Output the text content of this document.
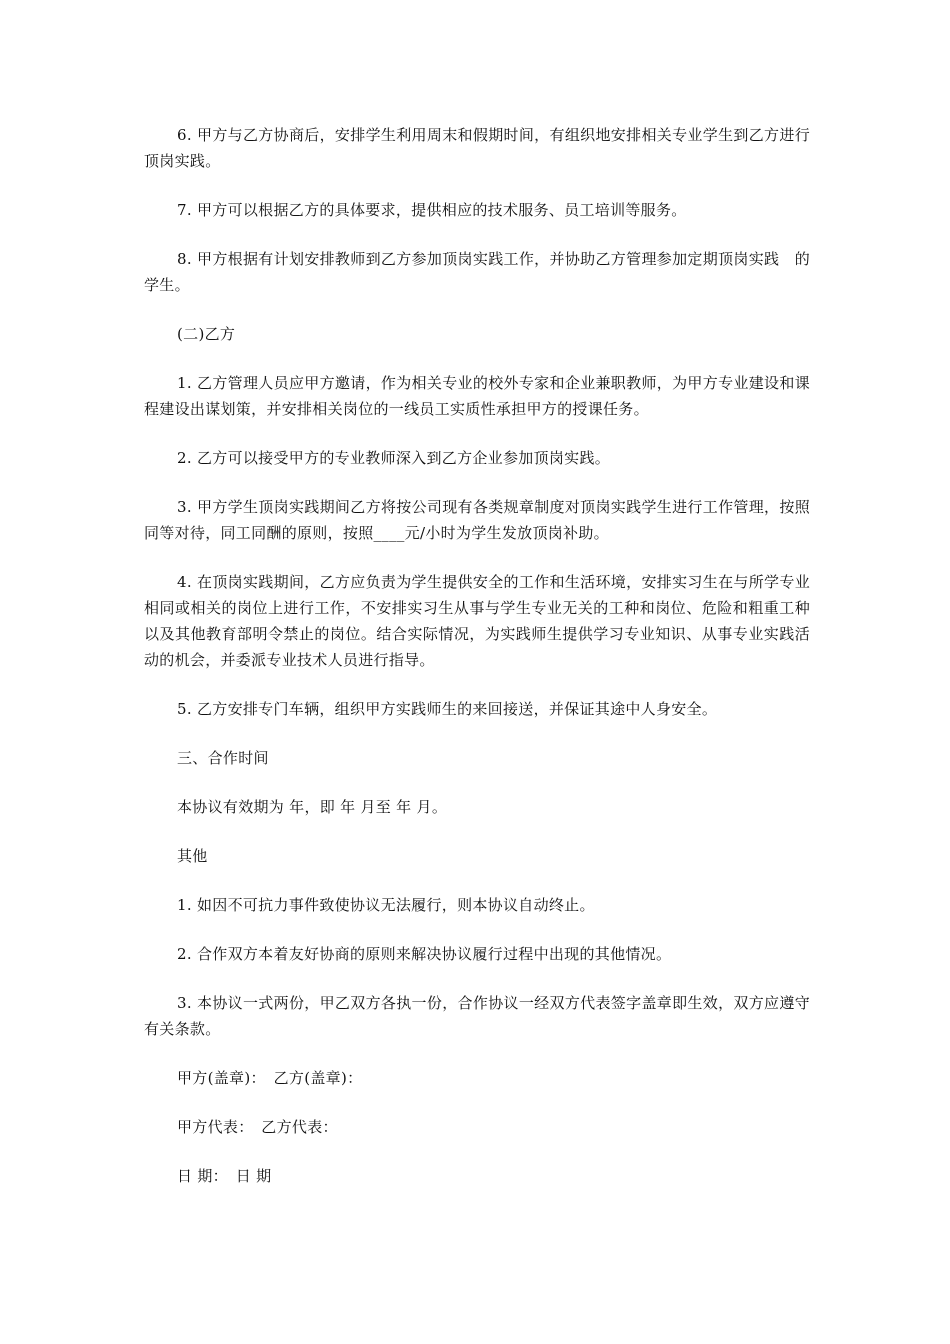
6. 甲方与乙方协商后，安排学生利用周末和假期时间，有组织地安排相关专业学生到乙方进行顶岗实践。

7. 甲方可以根据乙方的具体要求，提供相应的技术服务、员工培训等服务。

8. 甲方根据有计划安排教师到乙方参加顶岗实践工作，并协助乙方管理参加定期顶岗实践　的学生。

(二)乙方

1. 乙方管理人员应甲方邀请，作为相关专业的校外专家和企业兼职教师，为甲方专业建设和课程建设出谋划策，并安排相关岗位的一线员工实质性承担甲方的授课任务。

2. 乙方可以接受甲方的专业教师深入到乙方企业参加顶岗实践。

3. 甲方学生顶岗实践期间乙方将按公司现有各类规章制度对顶岗实践学生进行工作管理，按照同等对待，同工同酬的原则，按照____元/小时为学生发放顶岗补助。

4. 在顶岗实践期间，乙方应负责为学生提供安全的工作和生活环境，安排实习生在与所学专业相同或相关的岗位上进行工作，不安排实习生从事与学生专业无关的工种和岗位、危险和粗重工种以及其他教育部明令禁止的岗位。结合实际情况，为实践师生提供学习专业知识、从事专业实践活动的机会，并委派专业技术人员进行指导。

5. 乙方安排专门车辆，组织甲方实践师生的来回接送，并保证其途中人身安全。

三、合作时间

本协议有效期为 年，即 年 月至 年 月。

其他

1. 如因不可抗力事件致使协议无法履行，则本协议自动终止。

2. 合作双方本着友好协商的原则来解决协议履行过程中出现的其他情况。

3. 本协议一式两份，甲乙双方各执一份，合作协议一经双方代表签字盖章即生效，双方应遵守有关条款。

甲方(盖章)：　乙方(盖章)：

甲方代表：　乙方代表：

日 期：　日 期
